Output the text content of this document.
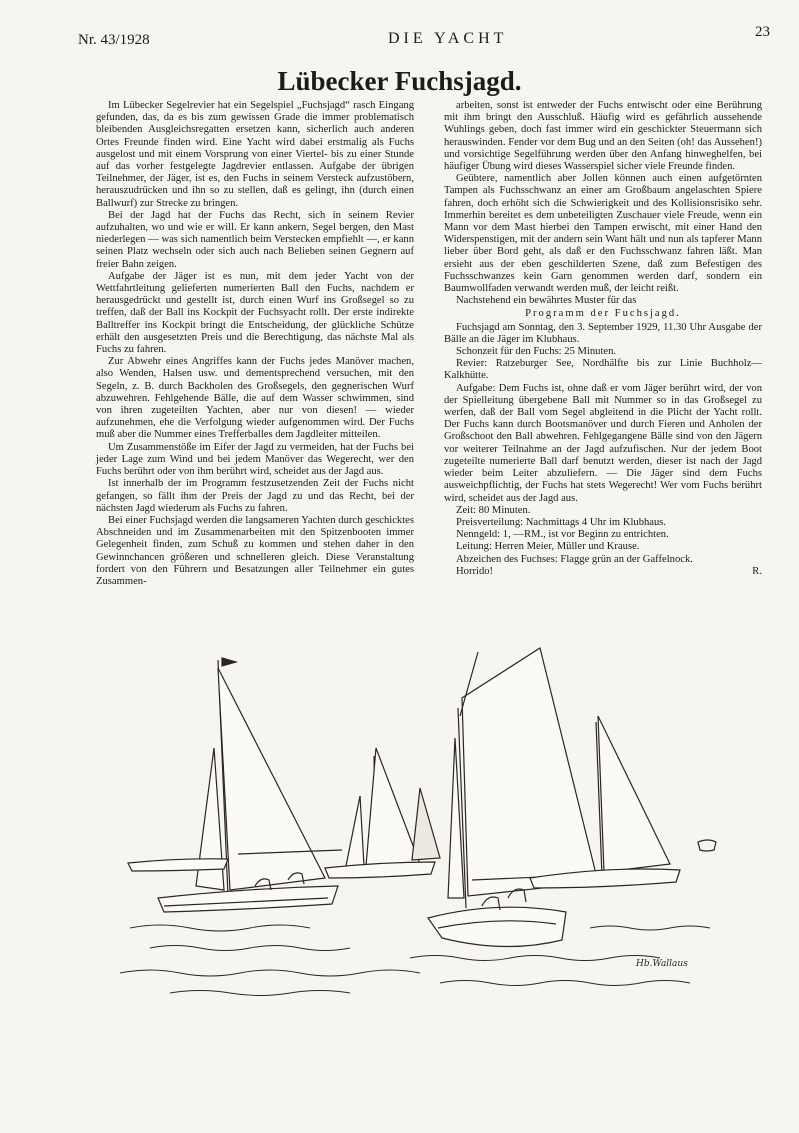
Nr. 43/1928	DIE YACHT	23
Lübecker Fuchsjagd.

Im Lübecker Segelrevier hat ein Segelspiel „Fuchsjagd“ rasch Eingang gefunden, das, da es bis zum gewissen Grade die immer problematisch bleibenden Ausgleichsregatten ersetzen kann, sicherlich auch anderen Ortes Freunde finden wird. Eine Yacht wird dabei erstmalig als Fuchs ausgelost und mit einem Vorsprung von einer Viertel- bis zu einer Stunde auf das vorher festgelegte Jagdrevier entlassen. Aufgabe der übrigen Teilnehmer, der Jäger, ist es, den Fuchs in seinem Versteck aufzustöbern, herauszudrücken und ihn so zu stellen, daß es gelingt, ihn (durch einen Ballwurf) zur Strecke zu bringen.

Bei der Jagd hat der Fuchs das Recht, sich in seinem Revier aufzuhalten, wo und wie er will. Er kann ankern, Segel bergen, den Mast niederlegen — was sich namentlich beim Verstecken empfiehlt —, er kann seinen Platz wechseln oder sich auch nach Belieben seinen Gegnern auf freier Bahn zeigen.

Aufgabe der Jäger ist es nun, mit dem jeder Yacht von der Wettfahrtleitung gelieferten numerierten Ball den Fuchs, nachdem er herausgedrückt und gestellt ist, durch einen Wurf ins Großsegel so zu treffen, daß der Ball ins Kockpit der Fuchsyacht rollt. Der erste indirekte Balltreffer ins Kockpit bringt die Entscheidung, der glückliche Schütze erhält den ausgesetzten Preis und die Berechtigung, das nächste Mal als Fuchs zu fahren.

Zur Abwehr eines Angriffes kann der Fuchs jedes Manöver machen, also Wenden, Halsen usw. und dementsprechend versuchen, mit den Segeln, z. B. durch Backholen des Großsegels, den gegnerischen Wurf abzuwehren. Fehlgehende Bälle, die auf dem Wasser schwimmen, sind von ihren zugeteilten Yachten, aber nur von diesen! — wieder aufzunehmen, ehe die Verfolgung wieder aufgenommen wird. Der Fuchs muß aber die Nummer eines Trefferballes dem Jagdleiter mitteilen.

Um Zusammenstöße im Eifer der Jagd zu vermeiden, hat der Fuchs bei jeder Lage zum Wind und bei jedem Manöver das Wegerecht, wer den Fuchs berührt oder von ihm berührt wird, scheidet aus der Jagd aus.

Ist innerhalb der im Programm festzusetzenden Zeit der Fuchs nicht gefangen, so fällt ihm der Preis der Jagd zu und das Recht, bei der nächsten Jagd wiederum als Fuchs zu fahren.

Bei einer Fuchsjagd werden die langsameren Yachten durch geschicktes Abschneiden und im Zusammenarbeiten mit den Spitzenbooten immer Gelegenheit finden, zum Schuß zu kommen und stehen daher in den Gewinnchancen größeren und schnelleren gleich. Diese Veranstaltung fordert von den Führern und Besatzungen aller Teilnehmer ein gutes Zusammen-

arbeiten, sonst ist entweder der Fuchs entwischt oder eine Berührung mit ihm bringt den Ausschluß. Häufig wird es gefährlich aussehende Wuhlings geben, doch fast immer wird ein geschickter Steuermann sich herauswinden. Fender vor dem Bug und an den Seiten (oh! das Aussehen!) und vorsichtige Segelführung werden über den Anfang hinweghelfen, bei häufiger Übung wird dieses Wasserspiel sicher viele Freunde finden.

Geübtere, namentlich aber Jollen können auch einen aufgetörnten Tampen als Fuchsschwanz an einer am Großbaum angelaschten Spiere fahren, doch erhöht sich die Schwierigkeit und des Kollisionsrisiko sehr. Immerhin bereitet es dem unbeteiligten Zuschauer viele Freude, wenn ein Mann vor dem Mast hierbei den Tampen erwischt, mit einer Hand den Widerspenstigen, mit der andern sein Want hält und nun als tapferer Mann lieber über Bord geht, als daß er den Fuchsschwanz fahren läßt. Man ersieht aus der eben geschilderten Szene, daß zum Befestigen des Fuchsschwanzes kein Garn genommen werden darf, sondern ein Baumwollfaden verwandt werden muß, der leicht reißt.

Nachstehend ein bewährtes Muster für das

Programm der Fuchsjagd.

Fuchsjagd am Sonntag, den 3. September 1929, 11.30 Uhr Ausgabe der Bälle an die Jäger im Klubhaus.

Schonzeit für den Fuchs: 25 Minuten.

Revier: Ratzeburger See, Nordhälfte bis zur Linie Buchholz—Kalkhütte.

Aufgabe: Dem Fuchs ist, ohne daß er vom Jäger berührt wird, der von der Spielleitung übergebene Ball mit Nummer so in das Großsegel zu werfen, daß der Ball vom Segel abgleitend in die Plicht der Yacht rollt. Der Fuchs kann durch Bootsmanöver und durch Fieren und Anholen der Großschoot den Ball abwehren. Fehlgegangene Bälle sind von den Jägern vor weiterer Teilnahme an der Jagd aufzufischen. Nur der jedem Boot zugeteilte numerierte Ball darf benutzt werden, dieser ist nach der Jagd wieder beim Leiter abzuliefern. — Die Jäger sind dem Fuchs ausweichpflichtig, der Fuchs hat stets Wegerecht! Wer vom Fuchs berührt wird, scheidet aus der Jagd aus.

Zeit: 80 Minuten.

Preisverteilung: Nachmittags 4 Uhr im Klubhaus.

Nenngeld: 1, —RM., ist vor Beginn zu entrichten.

Leitung: Herren Meier, Müller und Krause.

Abzeichen des Fuchses: Flagge grün an der Gaffelnock.

Horrido!	R.
Hb.Wallaus
